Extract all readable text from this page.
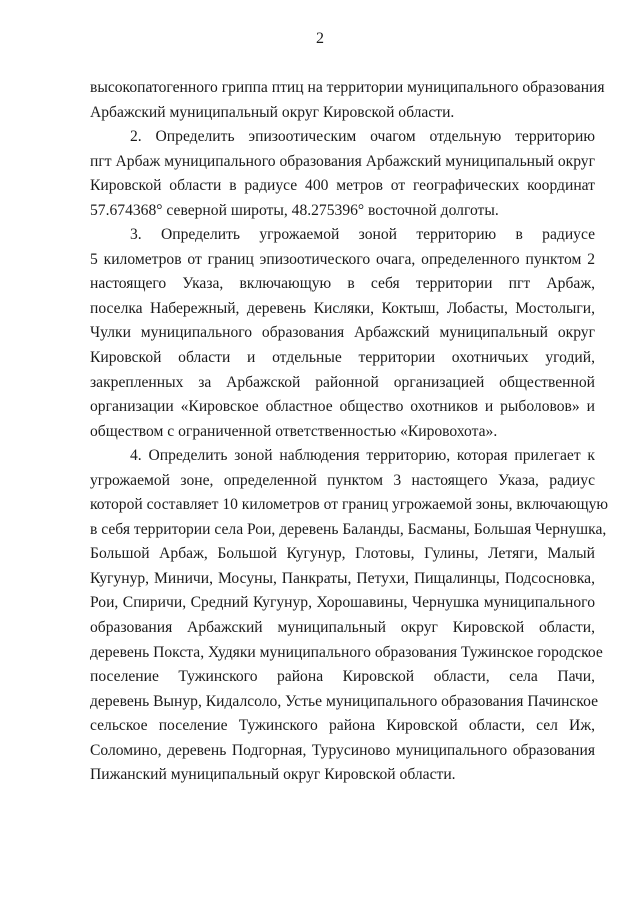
2

высокопатогенного гриппа птиц на территории муниципального образования

Арбажский муниципальный округ Кировской области.

2. Определить эпизоотическим очагом отдельную территорию

пгт Арбаж муниципального образования Арбажский муниципальный округ

Кировской области в радиусе 400 метров от географических координат

57.674368° северной широты, 48.275396° восточной долготы.

3. Определить угрожаемой зоной территорию в радиусе

5 километров от границ эпизоотического очага, определенного пунктом 2

настоящего Указа, включающую в себя территории пгт Арбаж,

поселка Набережный, деревень Кисляки, Коктыш, Лобасты, Мостолыги,

Чулки муниципального образования Арбажский муниципальный округ

Кировской области и отдельные территории охотничьих угодий,

закрепленных за Арбажской районной организацией общественной

организации «Кировское областное общество охотников и рыболовов» и

обществом с ограниченной ответственностью «Кировохота».

4. Определить зоной наблюдения территорию, которая прилегает к

угрожаемой зоне, определенной пунктом 3 настоящего Указа, радиус

которой составляет 10 километров от границ угрожаемой зоны, включающую

в себя территории села Рои, деревень Баланды, Басманы, Большая Чернушка,

Большой Арбаж, Большой Кугунур, Глотовы, Гулины, Летяги, Малый

Кугунур, Миничи, Мосуны, Панкраты, Петухи, Пищалинцы, Подсосновка,

Рои, Спиричи, Средний Кугунур, Хорошавины, Чернушка муниципального

образования Арбажский муниципальный округ Кировской области,

деревень Покста, Худяки муниципального образования Тужинское городское

поселение Тужинского района Кировской области, села Пачи,

деревень Вынур, Кидалсоло, Устье муниципального образования Пачинское

сельское поселение Тужинского района Кировской области, сел Иж,

Соломино, деревень Подгорная, Турусиново муниципального образования

Пижанский муниципальный округ Кировской области.
